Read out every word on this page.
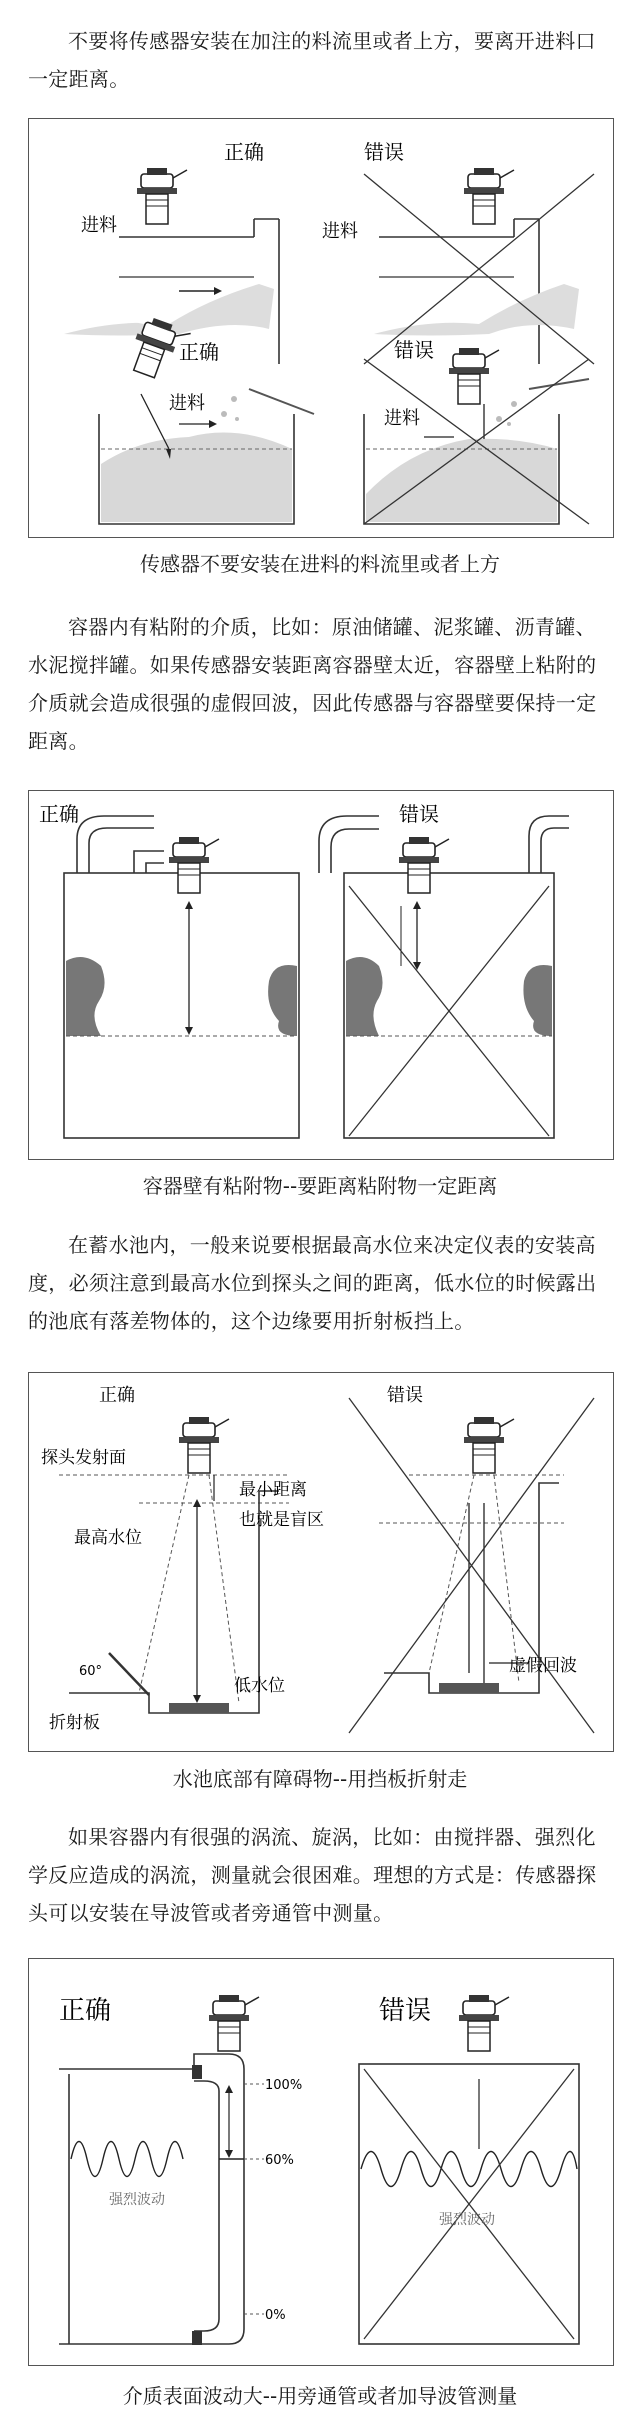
不要将传感器安装在加注的料流里或者上方，要离开进料口一定距离。

正确
进料
错误
进料
正确
进料
错误
进料

传感器不要安装在进料的料流里或者上方

容器内有粘附的介质，比如：原油储罐、泥浆罐、沥青罐、水泥搅拌罐。如果传感器安装距离容器壁太近，容器壁上粘附的介质就会造成很强的虚假回波，因此传感器与容器壁要保持一定距离。

正确	错误

容器壁有粘附物--要距离粘附物一定距离

在蓄水池内，一般来说要根据最高水位来决定仪表的安装高度，必须注意到最高水位到探头之间的距离，低水位的时候露出的池底有落差物体的，这个边缘要用折射板挡上。

正确
探头发射面
最小距离
也就是盲区
最高水位
60°
低水位
折射板
错误
虚假回波

水池底部有障碍物--用挡板折射走

如果容器内有很强的涡流、旋涡，比如：由搅拌器、强烈化学反应造成的涡流，测量就会很困难。理想的方式是：传感器探头可以安装在导波管或者旁通管中测量。

正确
100%
60%
0%
强烈波动
错误
强烈波动

介质表面波动大--用旁通管或者加导波管测量
